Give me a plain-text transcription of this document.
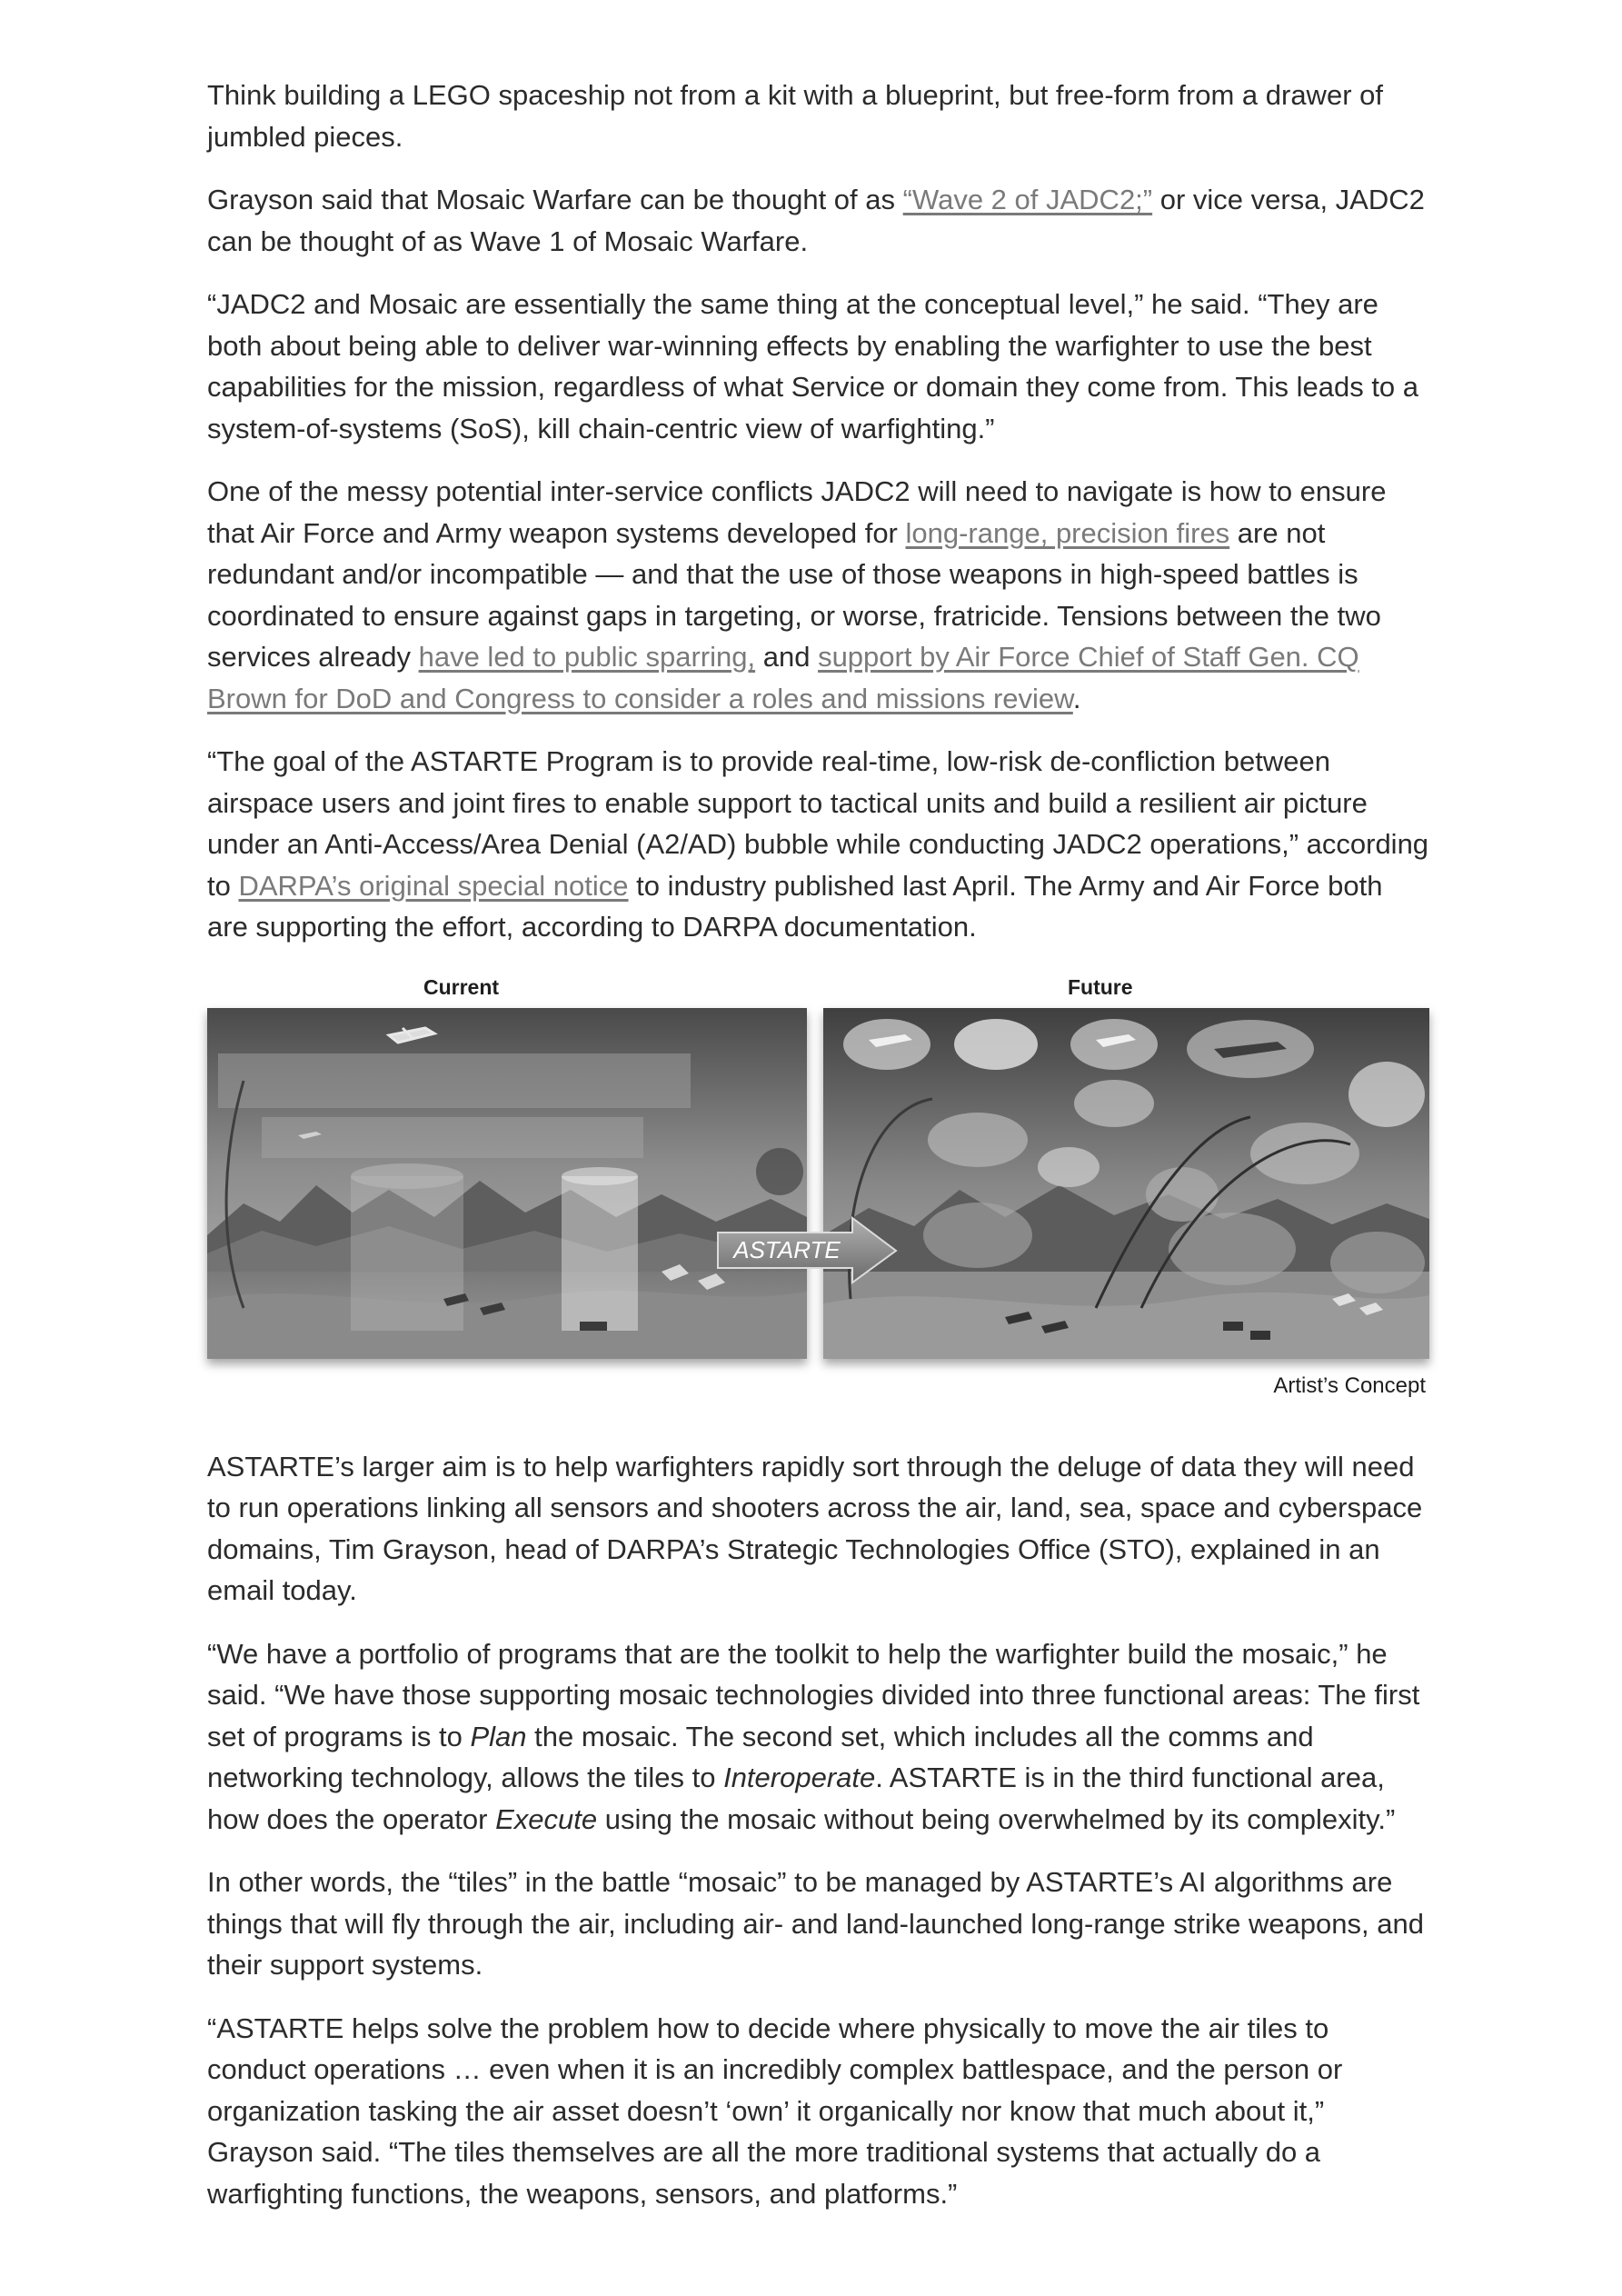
Think building a LEGO spaceship not from a kit with a blueprint, but free-form from a drawer of jumbled pieces.

Grayson said that Mosaic Warfare can be thought of as “Wave 2 of JADC2;” or vice versa, JADC2 can be thought of as Wave 1 of Mosaic Warfare.

“JADC2 and Mosaic are essentially the same thing at the conceptual level,” he said. “They are both about being able to deliver war-winning effects by enabling the warfighter to use the best capabilities for the mission, regardless of what Service or domain they come from. This leads to a system-of-systems (SoS), kill chain-centric view of warfighting.”

One of the messy potential inter-service conflicts JADC2 will need to navigate is how to ensure that Air Force and Army weapon systems developed for long-range, precision fires are not redundant and/or incompatible — and that the use of those weapons in high-speed battles is coordinated to ensure against gaps in targeting, or worse, fratricide. Tensions between the two services already have led to public sparring, and support by Air Force Chief of Staff Gen. CQ Brown for DoD and Congress to consider a roles and missions review.

“The goal of the ASTARTE Program is to provide real-time, low-risk de-confliction between airspace users and joint fires to enable support to tactical units and build a resilient air picture under an Anti-Access/Area Denial (A2/AD) bubble while conducting JADC2 operations,” according to DARPA’s original special notice to industry published last April. The Army and Air Force both are supporting the effort, according to DARPA documentation.

Current	Future
ASTARTE
Artist’s Concept

ASTARTE’s larger aim is to help warfighters rapidly sort through the deluge of data they will need to run operations linking all sensors and shooters across the air, land, sea, space and cyberspace domains, Tim Grayson, head of DARPA’s Strategic Technologies Office (STO), explained in an email today.

“We have a portfolio of programs that are the toolkit to help the warfighter build the mosaic,” he said. “We have those supporting mosaic technologies divided into three functional areas: The first set of programs is to Plan the mosaic. The second set, which includes all the comms and networking technology, allows the tiles to Interoperate. ASTARTE is in the third functional area, how does the operator Execute using the mosaic without being overwhelmed by its complexity.”

In other words, the “tiles” in the battle “mosaic” to be managed by ASTARTE’s AI algorithms are things that will fly through the air, including air- and land-launched long-range strike weapons, and their support systems.

“ASTARTE helps solve the problem how to decide where physically to move the air tiles to conduct operations … even when it is an incredibly complex battlespace, and the person or organization tasking the air asset doesn’t ‘own’ it organically nor know that much about it,” Grayson said. “The tiles themselves are all the more traditional systems that actually do a warfighting functions, the weapons, sensors, and platforms.”
